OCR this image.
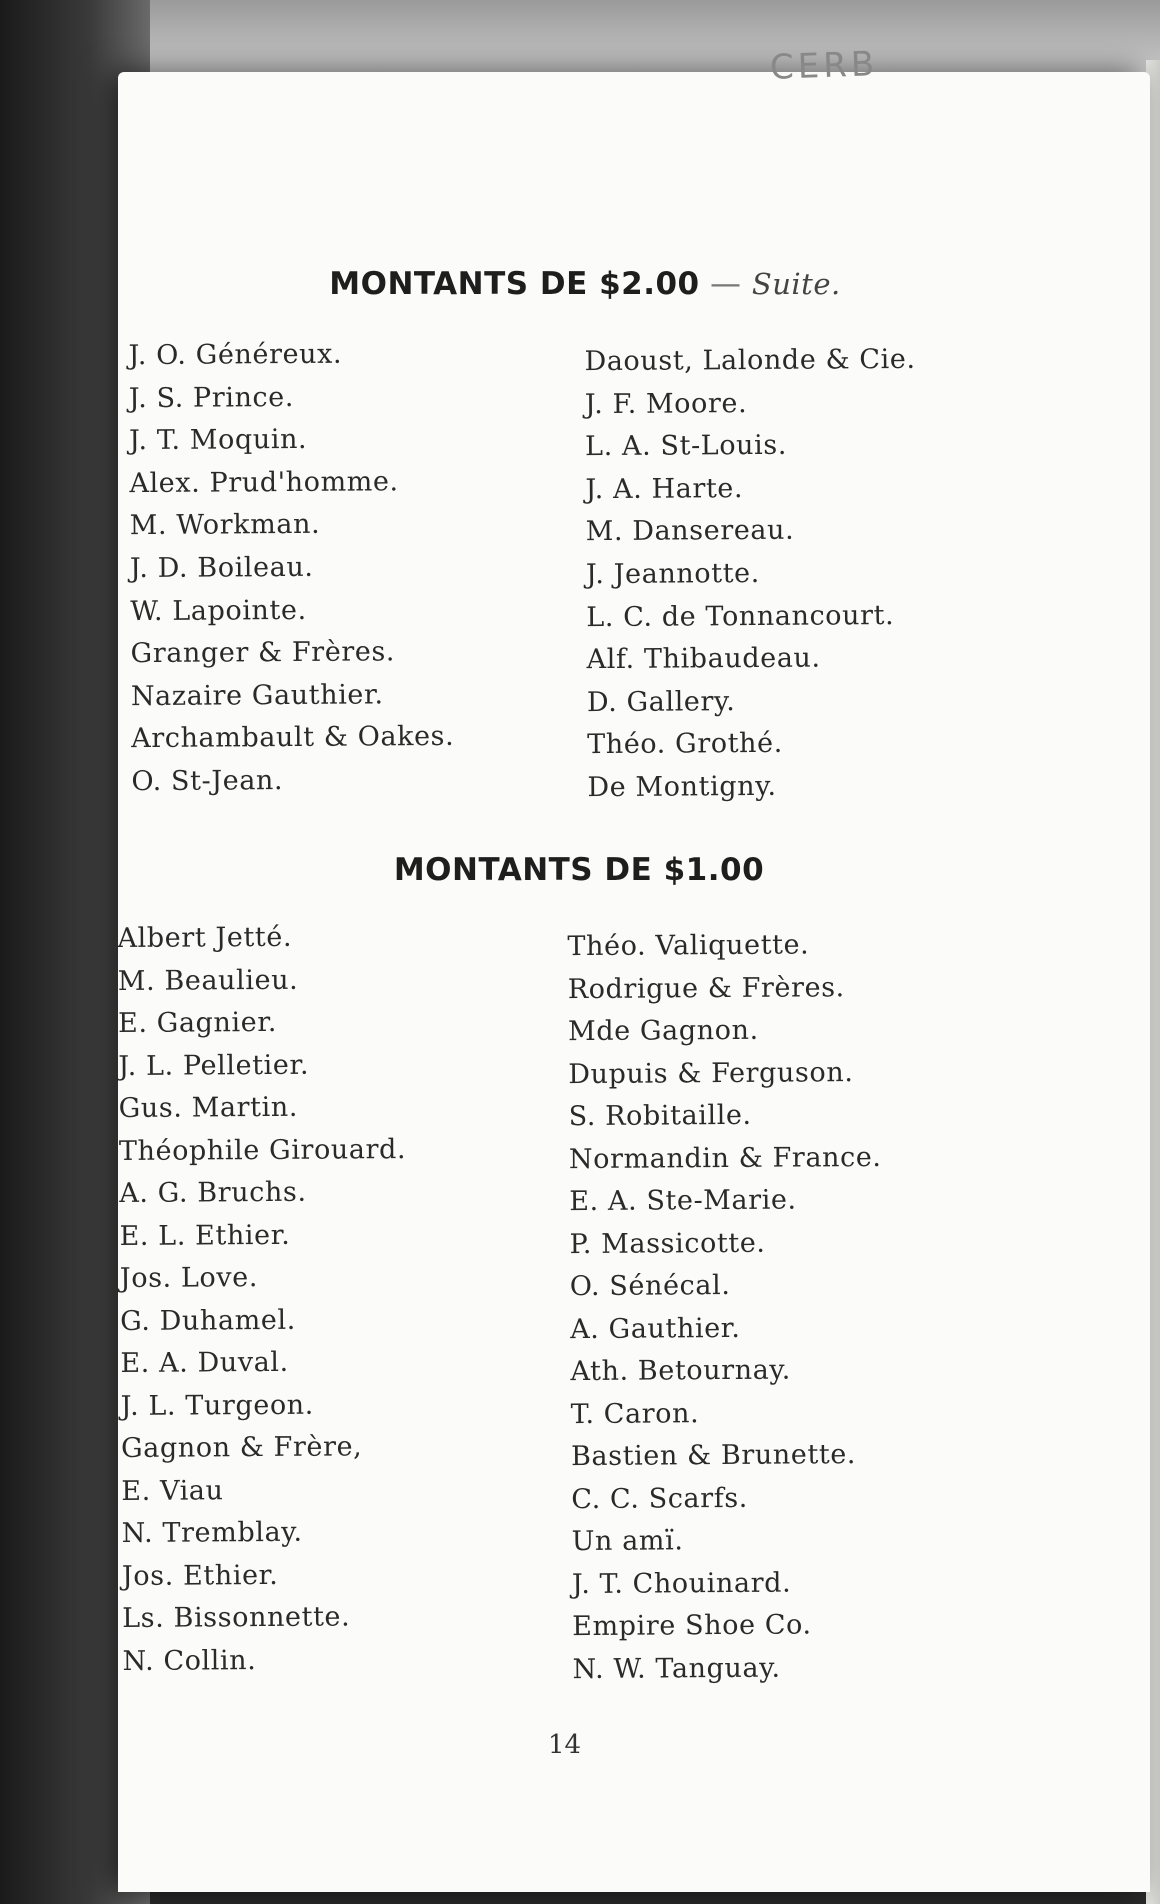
CERB
MONTANTS DE $2.00 — Suite.
J. O. Généreux.
J. S. Prince.
J. T. Moquin.
Alex. Prud'homme.
M. Workman.
J. D. Boileau.
W. Lapointe.
Granger & Frères.
Nazaire Gauthier.
Archambault & Oakes.
O. St-Jean.
Daoust, Lalonde & Cie.
J. F. Moore.
L. A. St-Louis.
J. A. Harte.
M. Dansereau.
J. Jeannotte.
L. C. de Tonnancourt.
Alf. Thibaudeau.
D. Gallery.
Théo. Grothé.
De Montigny.
MONTANTS DE $1.00
Albert Jetté.
M. Beaulieu.
E. Gagnier.
J. L. Pelletier.
Gus. Martin.
Théophile Girouard.
A. G. Bruchs.
E. L. Ethier.
Jos. Love.
G. Duhamel.
E. A. Duval.
J. L. Turgeon.
Gagnon & Frère,
E. Viau
N. Tremblay.
Jos. Ethier.
Ls. Bissonnette.
N. Collin.
Théo. Valiquette.
Rodrigue & Frères.
Mde Gagnon.
Dupuis & Ferguson.
S. Robitaille.
Normandin & France.
E. A. Ste-Marie.
P. Massicotte.
O. Sénécal.
A. Gauthier.
Ath. Betournay.
T. Caron.
Bastien & Brunette.
C. C. Scarfs.
Un amï.
J. T. Chouinard.
Empire Shoe Co.
N. W. Tanguay.
14
